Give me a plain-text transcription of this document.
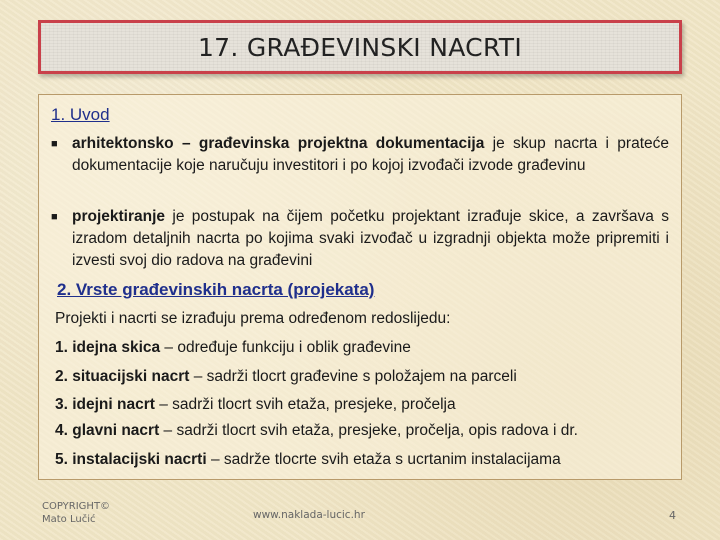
17. GRAĐEVINSKI NACRTI
1. Uvod
■ arhitektonsko – građevinska projektna dokumentacija je skup nacrta i prateće dokumentacije koje naručuju investitori i po kojoj izvođači izvode građevinu
■ projektiranje je postupak na čijem početku projektant izrađuje skice, a završava s izradom detaljnih nacrta po kojima svaki izvođač u izgradnji objekta može pripremiti i izvesti svoj dio radova na građevini
2. Vrste građevinskih nacrta (projekata)
Projekti i nacrti se izrađuju prema određenom redoslijedu:
1. idejna skica – određuje funkciju i oblik građevine
2. situacijski nacrt – sadrži tlocrt građevine s položajem na parceli
3. idejni nacrt – sadrži tlocrt svih etaža, presjeke, pročelja
4. glavni nacrt – sadrži tlocrt svih etaža, presjeke, pročelja, opis radova i dr.
5. instalacijski nacrti – sadrže tlocrte svih etaža s ucrtanim instalacijama
COPYRIGHT©
Mato Lučić	www.naklada-lucic.hr	4
